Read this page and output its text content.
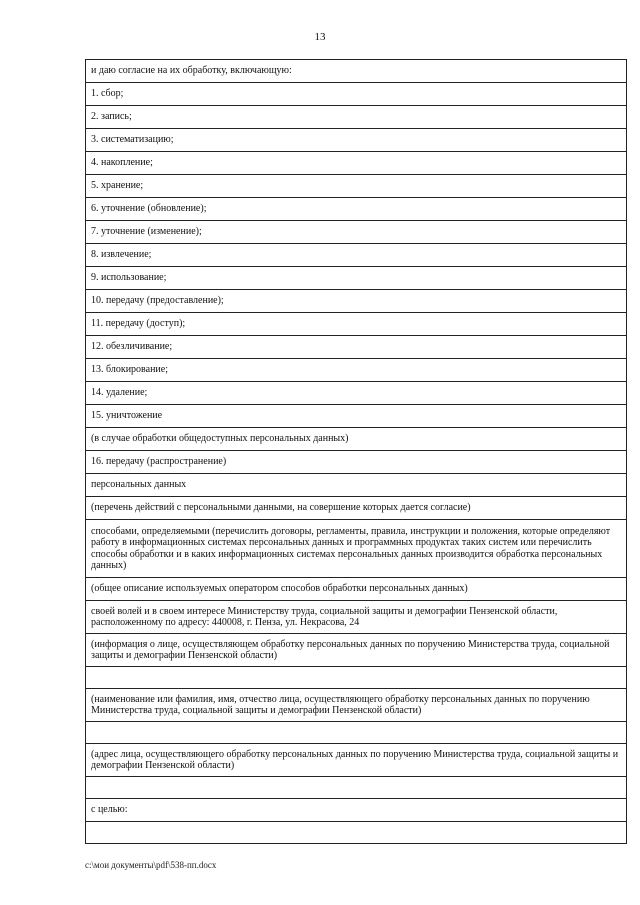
13
и даю согласие на их обработку, включающую:
1. сбор;
2. запись;
3. систематизацию;
4. накопление;
5. хранение;
6. уточнение (обновление);
7. уточнение (изменение);
8. извлечение;
9. использование;
10. передачу (предоставление);
11. передачу (доступ);
12. обезличивание;
13. блокирование;
14. удаление;
15. уничтожение
(в случае обработки общедоступных персональных данных)
16. передачу (распространение)
персональных данных
(перечень действий с персональными данными, на совершение которых дается согласие)
способами, определяемыми (перечислить договоры, регламенты, правила, инструкции и положения, которые определяют работу в информационных системах персональных данных и программных продуктах таких систем или перечислить способы обработки и в каких информационных системах персональных данных производится обработка персональных данных)
(общее описание используемых оператором способов обработки персональных данных)
своей волей и в своем интересе Министерству труда, социальной защиты и демографии Пензенской области, расположенному по адресу: 440008, г. Пенза, ул. Некрасова, 24
(информация о лице, осуществляющем обработку персональных данных по поручению Министерства труда, социальной защиты и демографии Пензенской области)

(наименование или фамилия, имя, отчество лица, осуществляющего обработку персональных данных по поручению Министерства труда, социальной защиты и демографии Пензенской области)

(адрес лица, осуществляющего обработку персональных данных по поручению Министерства труда, социальной защиты и демографии Пензенской области)

с целью:

c:\мои документы\pdf\538-пп.docx
